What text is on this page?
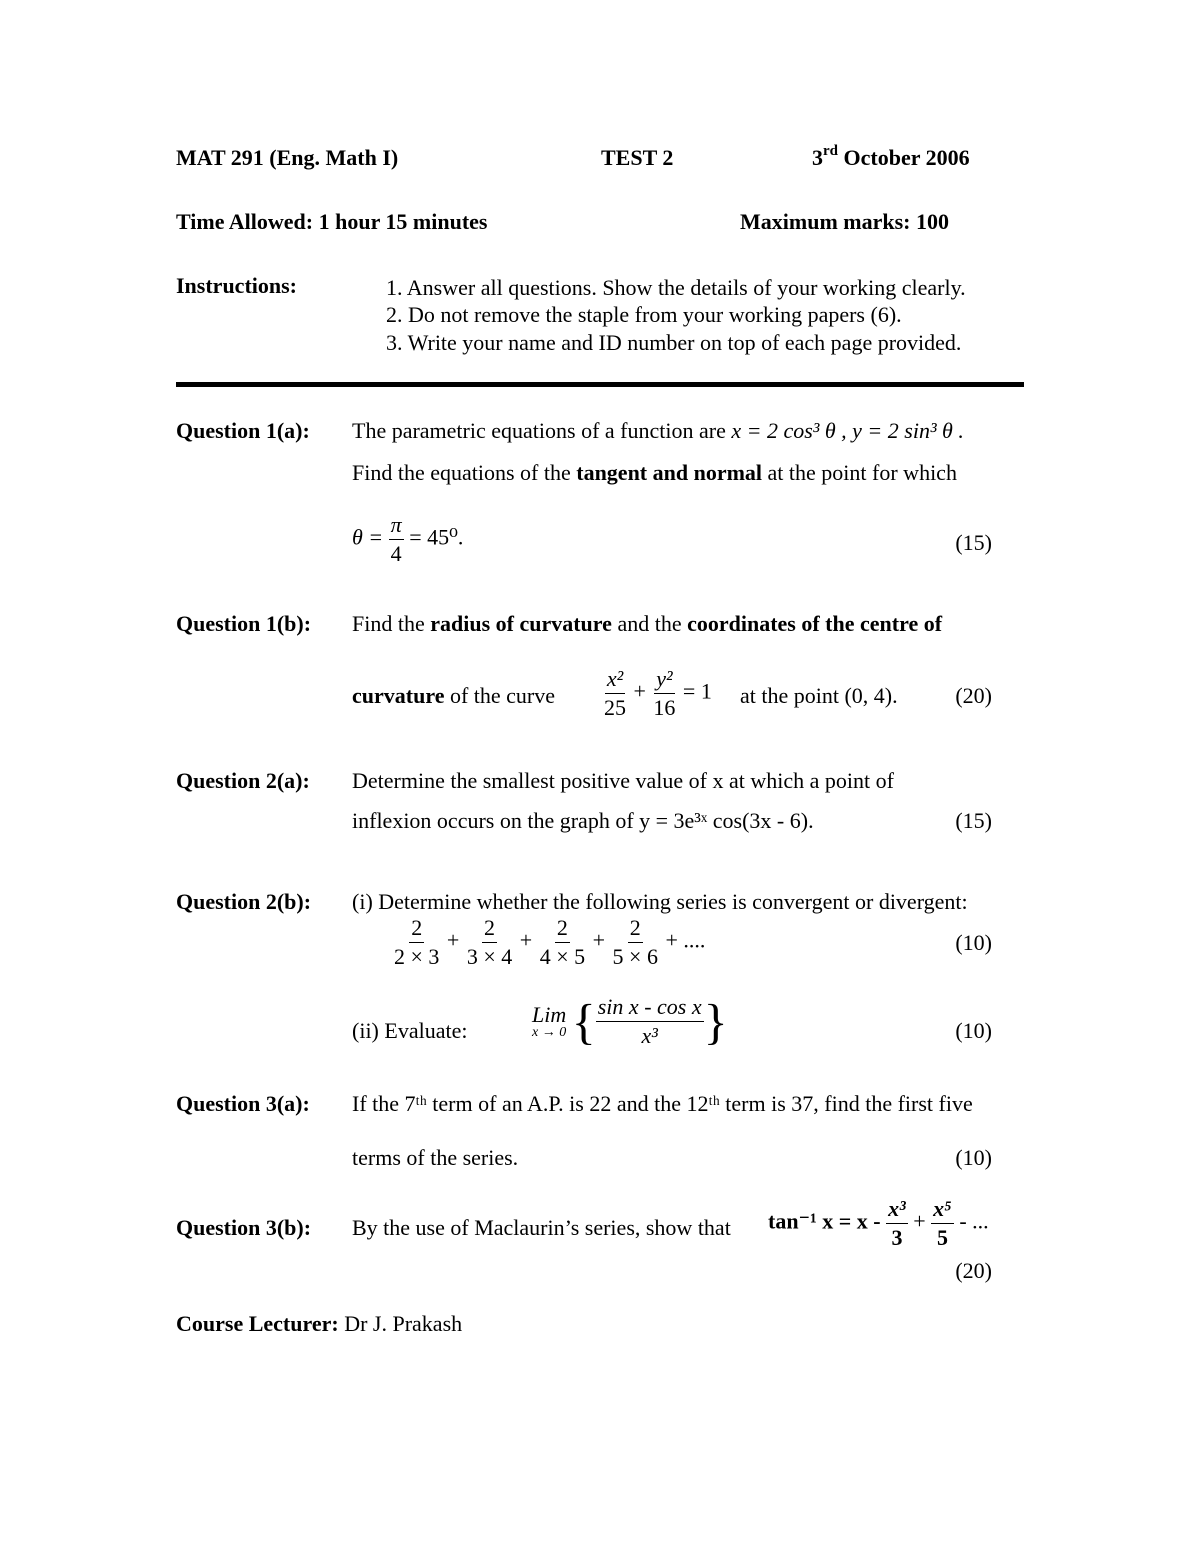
MAT 291 (Eng. Math I)	TEST 2	3rd October 2006
Time Allowed: 1 hour 15 minutes	Maximum marks: 100
Instructions:	1. Answer all questions. Show the details of your working clearly.
2. Do not remove the staple from your working papers (6).
3. Write your name and ID number on top of each page provided.
Question 1(a): The parametric equations of a function are x = 2 cos³ θ , y = 2 sin³ θ .
Find the equations of the tangent and normal at the point for which
$\theta = \frac{\pi}{4} = 45^0$.	(15)
Question 1(b): Find the radius of curvature and the coordinates of the centre of
curvature of the curve $\frac{\text{x²}}{25} + \frac{\text{y²}}{16} = 1$ at the point (0, 4).	(20)
Question 2(a): Determine the smallest positive value of x at which a point of
inflexion occurs on the graph of y = 3e³ˣ cos(3x - 6).	(15)
Question 2(b): (i) Determine whether the following series is convergent or divergent:
$\frac{2}{2 \times 3} + \frac{2}{3 \times 4} + \frac{2}{4 \times 5} + \frac{2}{5 \times 6}$ + ....	(10)
(ii) Evaluate:
Lim
x → 0 { $\frac{\text{sin x - cos x}}{\text{x³}}$ }	(10)
Question 3(a): If the 7ᵗʰ term of an A.P. is 22 and the 12ᵗʰ term is 37, find the first five
terms of the series.	(10)
Question 3(b): By the use of Maclaurin’s series, show that tan⁻¹ $x = x - \frac{\text{x³}}{3} + \frac{\text{x⁵}}{5}$ - ...
(20)
Course Lecturer: Dr J. Prakash
